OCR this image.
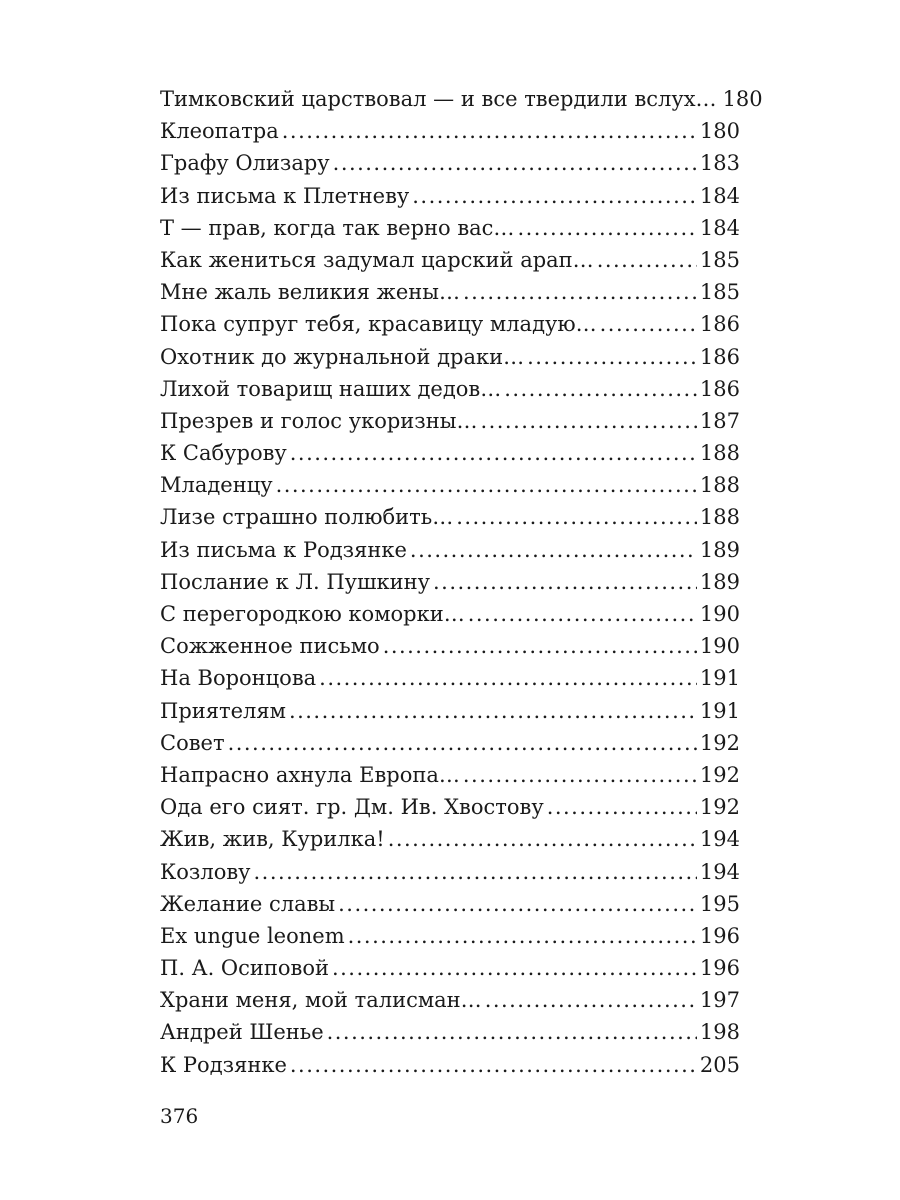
Тимковский царствовал — и все твердили вслух… 180
Клеопатра . . .	180
Графу Олизару . . .	183
Из письма к Плетневу . . .	184
Т — прав, когда так верно вас… . . .	184
Как жениться задумал царский арап… . . .	185
Мне жаль великия жены… . . .	185
Пока супруг тебя, красавицу младую… . . .	186
Охотник до журнальной драки… . . .	186
Лихой товарищ наших дедов… . . .	186
Презрев и голос укоризны… . . .	187
К Сабурову . . .	188
Младенцу . . .	188
Лизе страшно полюбить… . . .	188
Из письма к Родзянке . . .	189
Послание к Л. Пушкину . . .	189
С перегородкою коморки… . . .	190
Сожженное письмо . . .	190
На Воронцова . . .	191
Приятелям . . .	191
Совет . . .	192
Напрасно ахнула Европа… . . .	192
Ода его сият. гр. Дм. Ив. Хвостову . . .	192
Жив, жив, Курилка! . . .	194
Козлову . . .	194
Желание славы . . .	195
Ex ungue leonem . . .	196
П. А. Осиповой . . .	196
Храни меня, мой талисман… . . .	197
Андрей Шенье . . .	198
К Родзянке . . .	205
376
